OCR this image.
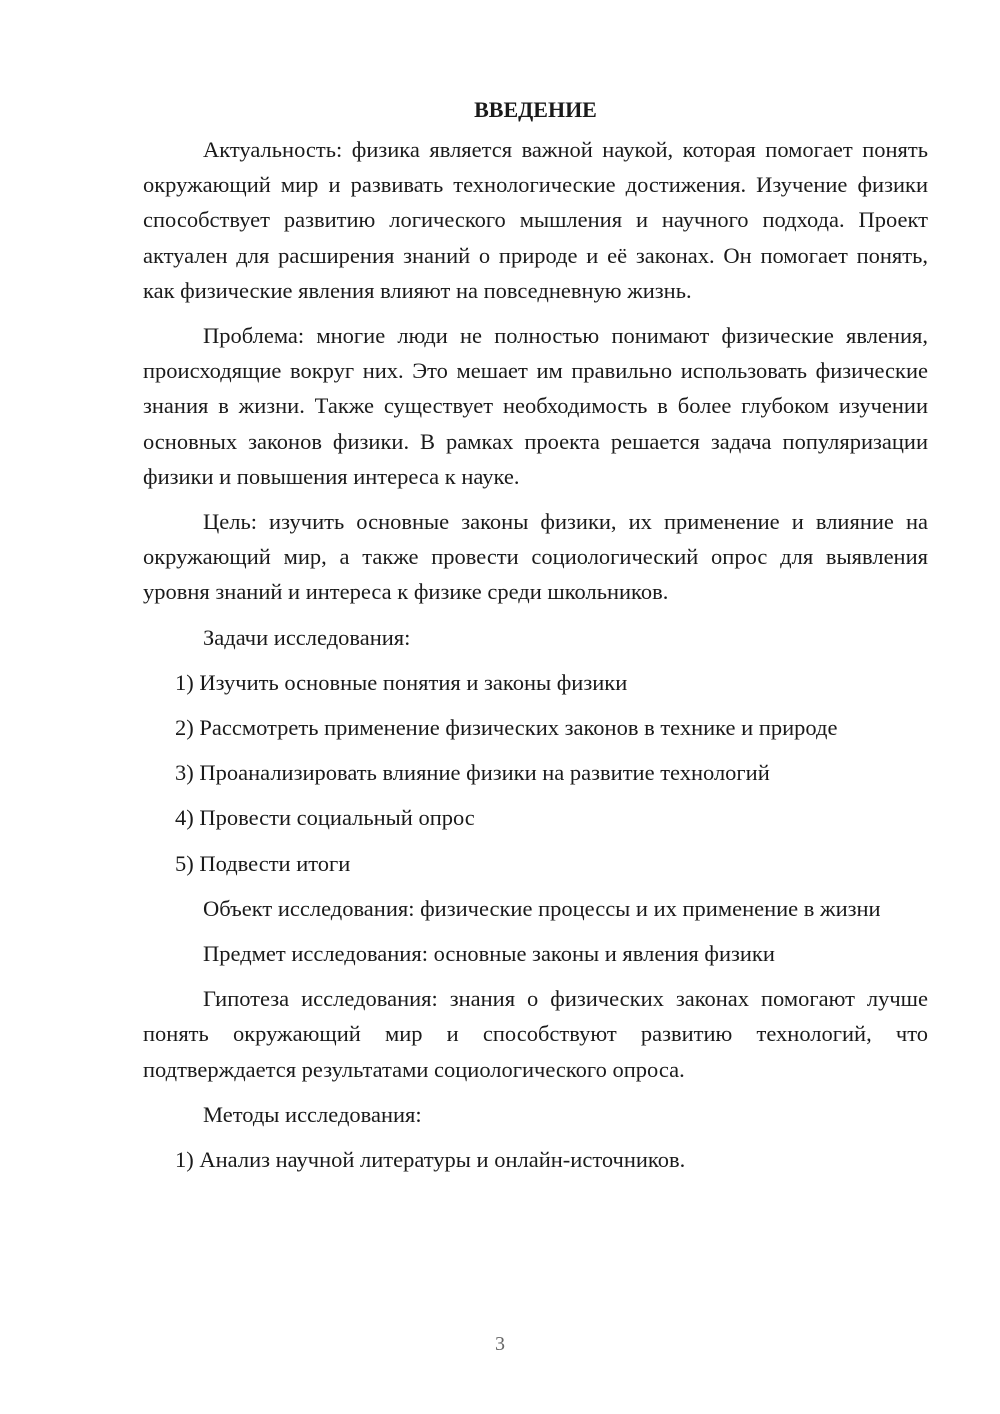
ВВЕДЕНИЕ

Актуальность: физика является важной наукой, которая помогает понять окружающий мир и развивать технологические достижения. Изучение физики способствует развитию логического мышления и научного подхода. Проект актуален для расширения знаний о природе и её законах. Он помогает понять, как физические явления влияют на повседневную жизнь.

Проблема: многие люди не полностью понимают физические явления, происходящие вокруг них. Это мешает им правильно использовать физические знания в жизни. Также существует необходимость в более глубоком изучении основных законов физики. В рамках проекта решается задача популяризации физики и повышения интереса к науке.

Цель: изучить основные законы физики, их применение и влияние на окружающий мир, а также провести социологический опрос для выявления уровня знаний и интереса к физике среди школьников.

Задачи исследования:

1) Изучить основные понятия и законы физики
2) Рассмотреть применение физических законов в технике и природе
3) Проанализировать влияние физики на развитие технологий
4) Провести социальный опрос
5) Подвести итоги

Объект исследования: физические процессы и их применение в жизни

Предмет исследования: основные законы и явления физики

Гипотеза исследования: знания о физических законах помогают лучше понять окружающий мир и способствуют развитию технологий, что подтверждается результатами социологического опроса.

Методы исследования:

1) Анализ научной литературы и онлайн-источников.
3
